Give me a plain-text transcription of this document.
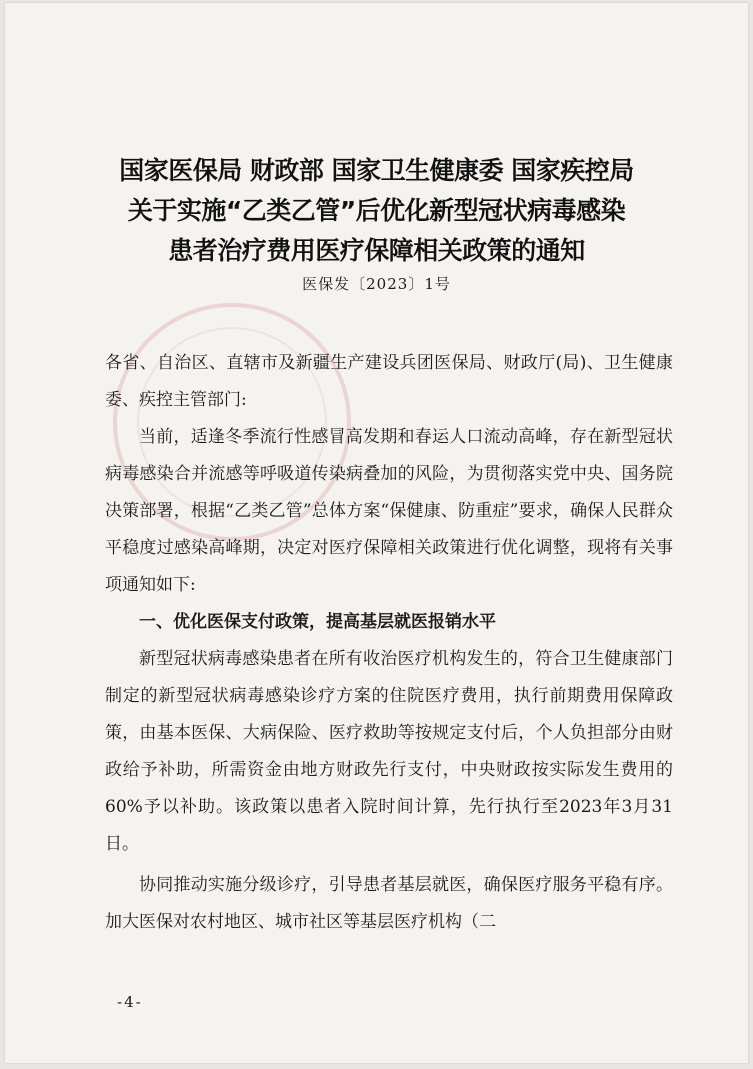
国家医保局 财政部 国家卫生健康委 国家疾控局
关于实施“乙类乙管”后优化新型冠状病毒感染
患者治疗费用医疗保障相关政策的通知
医保发〔2023〕1号

各省、自治区、直辖市及新疆生产建设兵团医保局、财政厅(局)、卫生健康委、疾控主管部门:

当前，适逢冬季流行性感冒高发期和春运人口流动高峰，存在新型冠状病毒感染合并流感等呼吸道传染病叠加的风险，为贯彻落实党中央、国务院决策部署，根据“乙类乙管”总体方案“保健康、防重症”要求，确保人民群众平稳度过感染高峰期，决定对医疗保障相关政策进行优化调整，现将有关事项通知如下:

一、优化医保支付政策，提高基层就医报销水平

新型冠状病毒感染患者在所有收治医疗机构发生的，符合卫生健康部门制定的新型冠状病毒感染诊疗方案的住院医疗费用，执行前期费用保障政策，由基本医保、大病保险、医疗救助等按规定支付后，个人负担部分由财政给予补助，所需资金由地方财政先行支付，中央财政按实际发生费用的60%予以补助。该政策以患者入院时间计算，先行执行至2023年3月31日。

协同推动实施分级诊疗，引导患者基层就医，确保医疗服务平稳有序。加大医保对农村地区、城市社区等基层医疗机构（二

-4-
